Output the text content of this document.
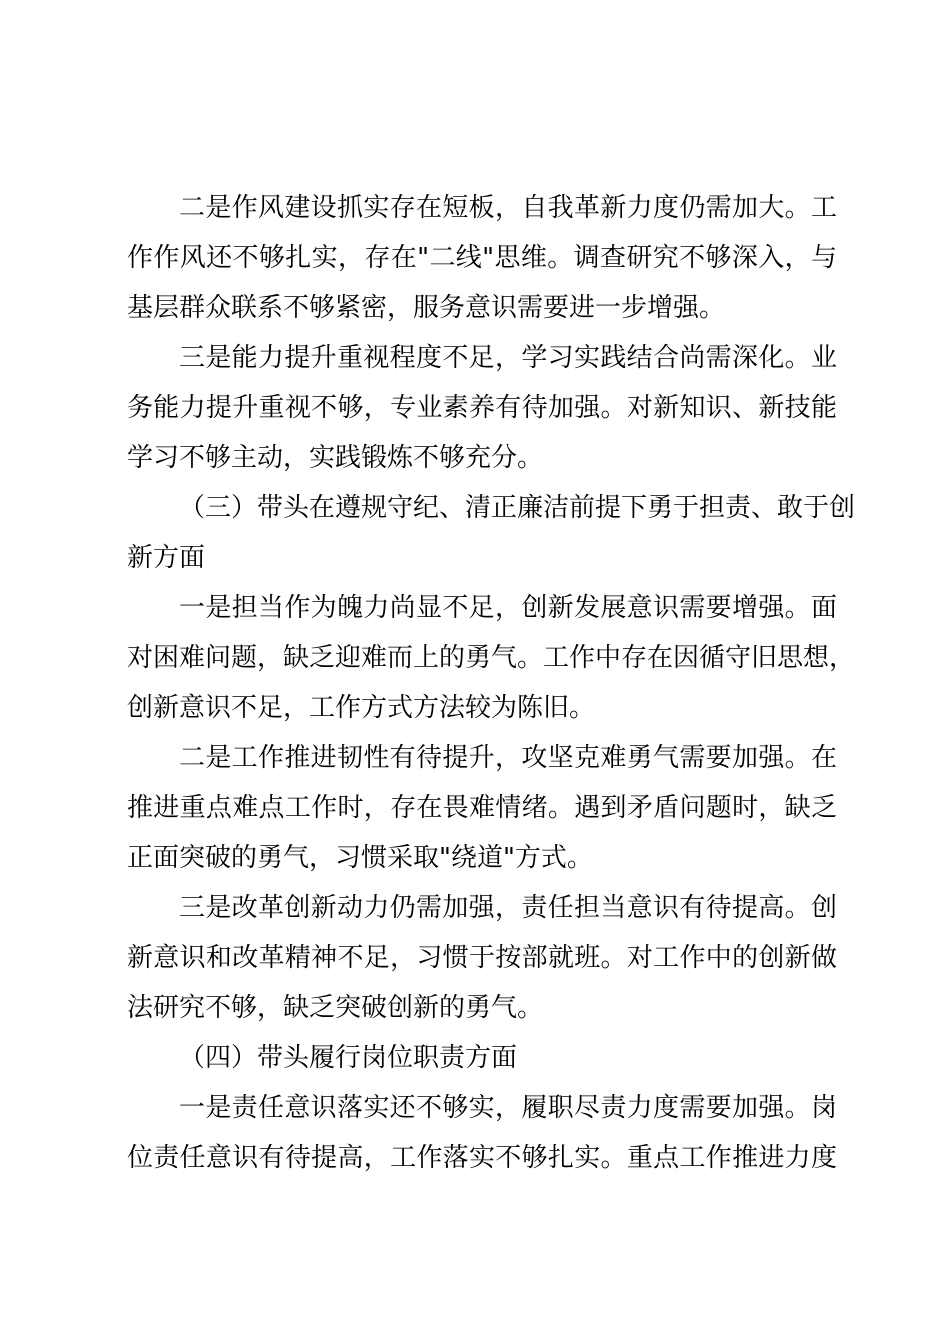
二是作风建设抓实存在短板，自我革新力度仍需加大。工
作作风还不够扎实，存在"二线"思维。调查研究不够深入，与
基层群众联系不够紧密，服务意识需要进一步增强。
三是能力提升重视程度不足，学习实践结合尚需深化。业
务能力提升重视不够，专业素养有待加强。对新知识、新技能
学习不够主动，实践锻炼不够充分。
（三）带头在遵规守纪、清正廉洁前提下勇于担责、敢于创
新方面
一是担当作为魄力尚显不足，创新发展意识需要增强。面
对困难问题，缺乏迎难而上的勇气。工作中存在因循守旧思想，
创新意识不足，工作方式方法较为陈旧。
二是工作推进韧性有待提升，攻坚克难勇气需要加强。在
推进重点难点工作时，存在畏难情绪。遇到矛盾问题时，缺乏
正面突破的勇气，习惯采取"绕道"方式。
三是改革创新动力仍需加强，责任担当意识有待提高。创
新意识和改革精神不足，习惯于按部就班。对工作中的创新做
法研究不够，缺乏突破创新的勇气。
（四）带头履行岗位职责方面
一是责任意识落实还不够实，履职尽责力度需要加强。岗
位责任意识有待提高，工作落实不够扎实。重点工作推进力度
